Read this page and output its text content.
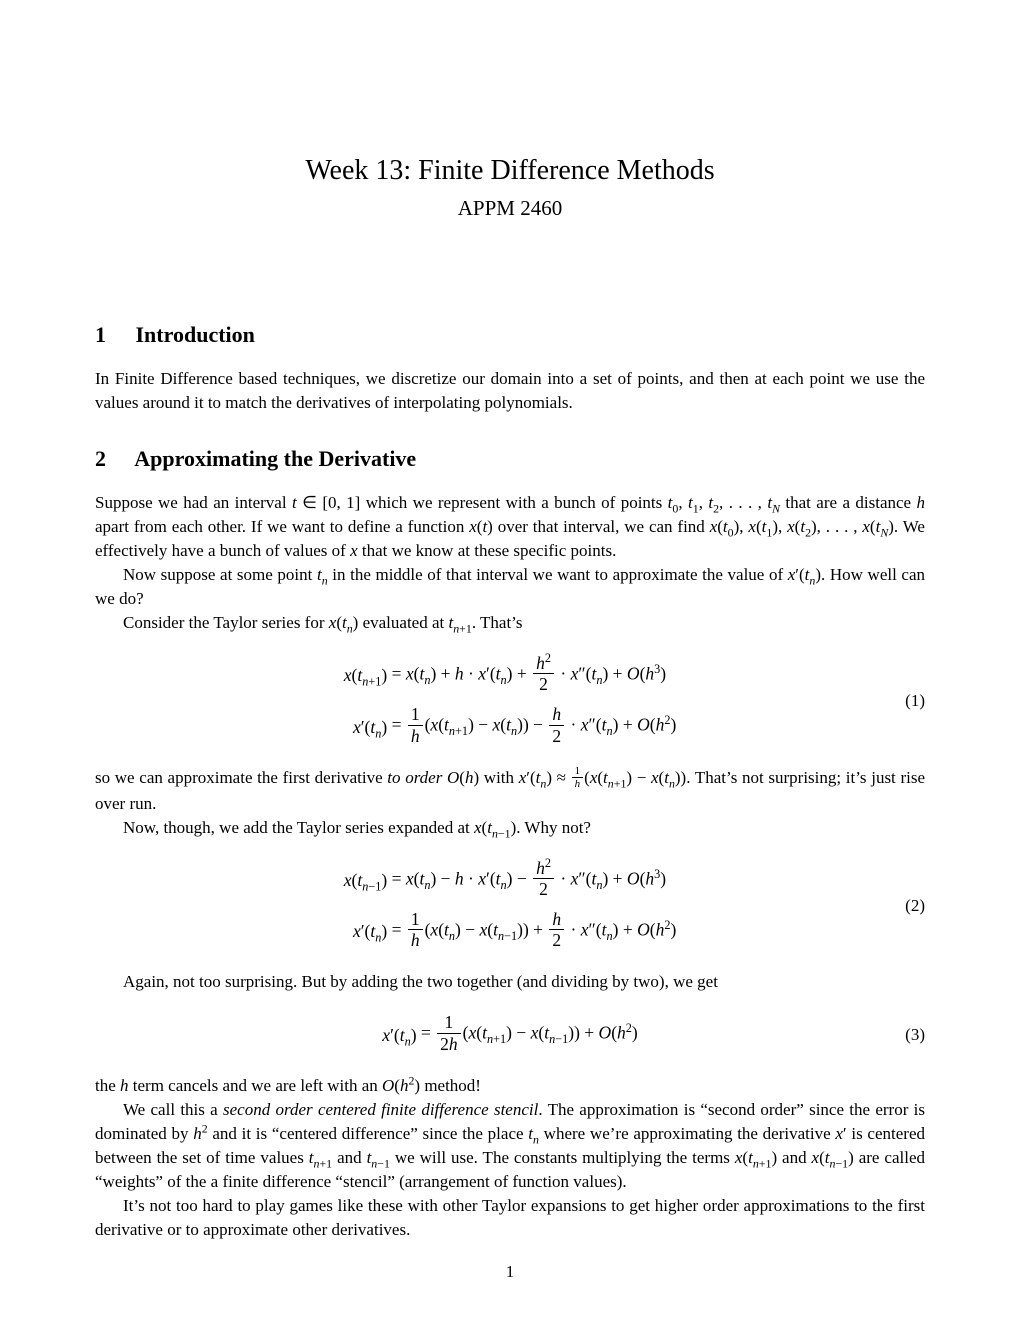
Week 13: Finite Difference Methods
APPM 2460
1 Introduction

In Finite Difference based techniques, we discretize our domain into a set of points, and then at each point we use the values around it to match the derivatives of interpolating polynomials.

2 Approximating the Derivative

Suppose we had an interval t ∈ [0, 1] which we represent with a bunch of points $t_0$, $t_1$, $t_2$, . . . , $t_N$ that are a distance h apart from each other. If we want to define a function x(t) over that interval, we can find $x(t_0)$, $x(t_1)$, $x(t_2)$, . . . , $x(t_N)$. We effectively have a bunch of values of x that we know at these specific points.

Now suppose at some point $t_n$ in the middle of that interval we want to approximate the value of $x'(t_n)$. How well can we do?

Consider the Taylor series for $x(t_n)$ evaluated at $t_{n+1}$. That’s

$x(t_{n+1}) = x(t_n) + h \cdot x'(t_n) + \frac{h^2}{2} \cdot x''(t_n) + O(h^3)$
$x'(t_n) = \frac{1}{h} (x(t_{n+1}) - x(t_n)) - \frac{h}{2} \cdot x''(t_n) + O(h^2)$
(1)

so we can approximate the first derivative to order O(h) with $x'(t_n) \approx \frac{1}{h} (x(t_{n+1}) - x(t_n))$. That’s not surprising; it’s just rise over run.

Now, though, we add the Taylor series expanded at $x(t_{n-1})$. Why not?

$x(t_{n-1}) = x(t_n) - h \cdot x'(t_n) - \frac{h^2}{2} \cdot x''(t_n) + O(h^3)$
$x'(t_n) = \frac{1}{h} (x(t_n) - x(t_{n-1})) + \frac{h}{2} \cdot x''(t_n) + O(h^2)$
(2)

Again, not too surprising. But by adding the two together (and dividing by two), we get

$x'(t_n) = \frac{1}{2h} (x(t_{n+1}) - x(t_{n-1})) + O(h^2)$	(3)

the h term cancels and we are left with an $O(h^2)$ method!

We call this a second order centered finite difference stencil. The approximation is “second order” since the error is dominated by $h^2$ and it is “centered difference” since the place $t_n$ where we’re approximating the derivative x′ is centered between the set of time values $t_{n+1}$ and $t_{n-1}$ we will use. The constants multiplying the terms $x(t_{n+1})$ and $x(t_{n-1})$ are called “weights” of the a finite difference “stencil” (arrangement of function values).

It’s not too hard to play games like these with other Taylor expansions to get higher order approximations to the first derivative or to approximate other derivatives.

1
